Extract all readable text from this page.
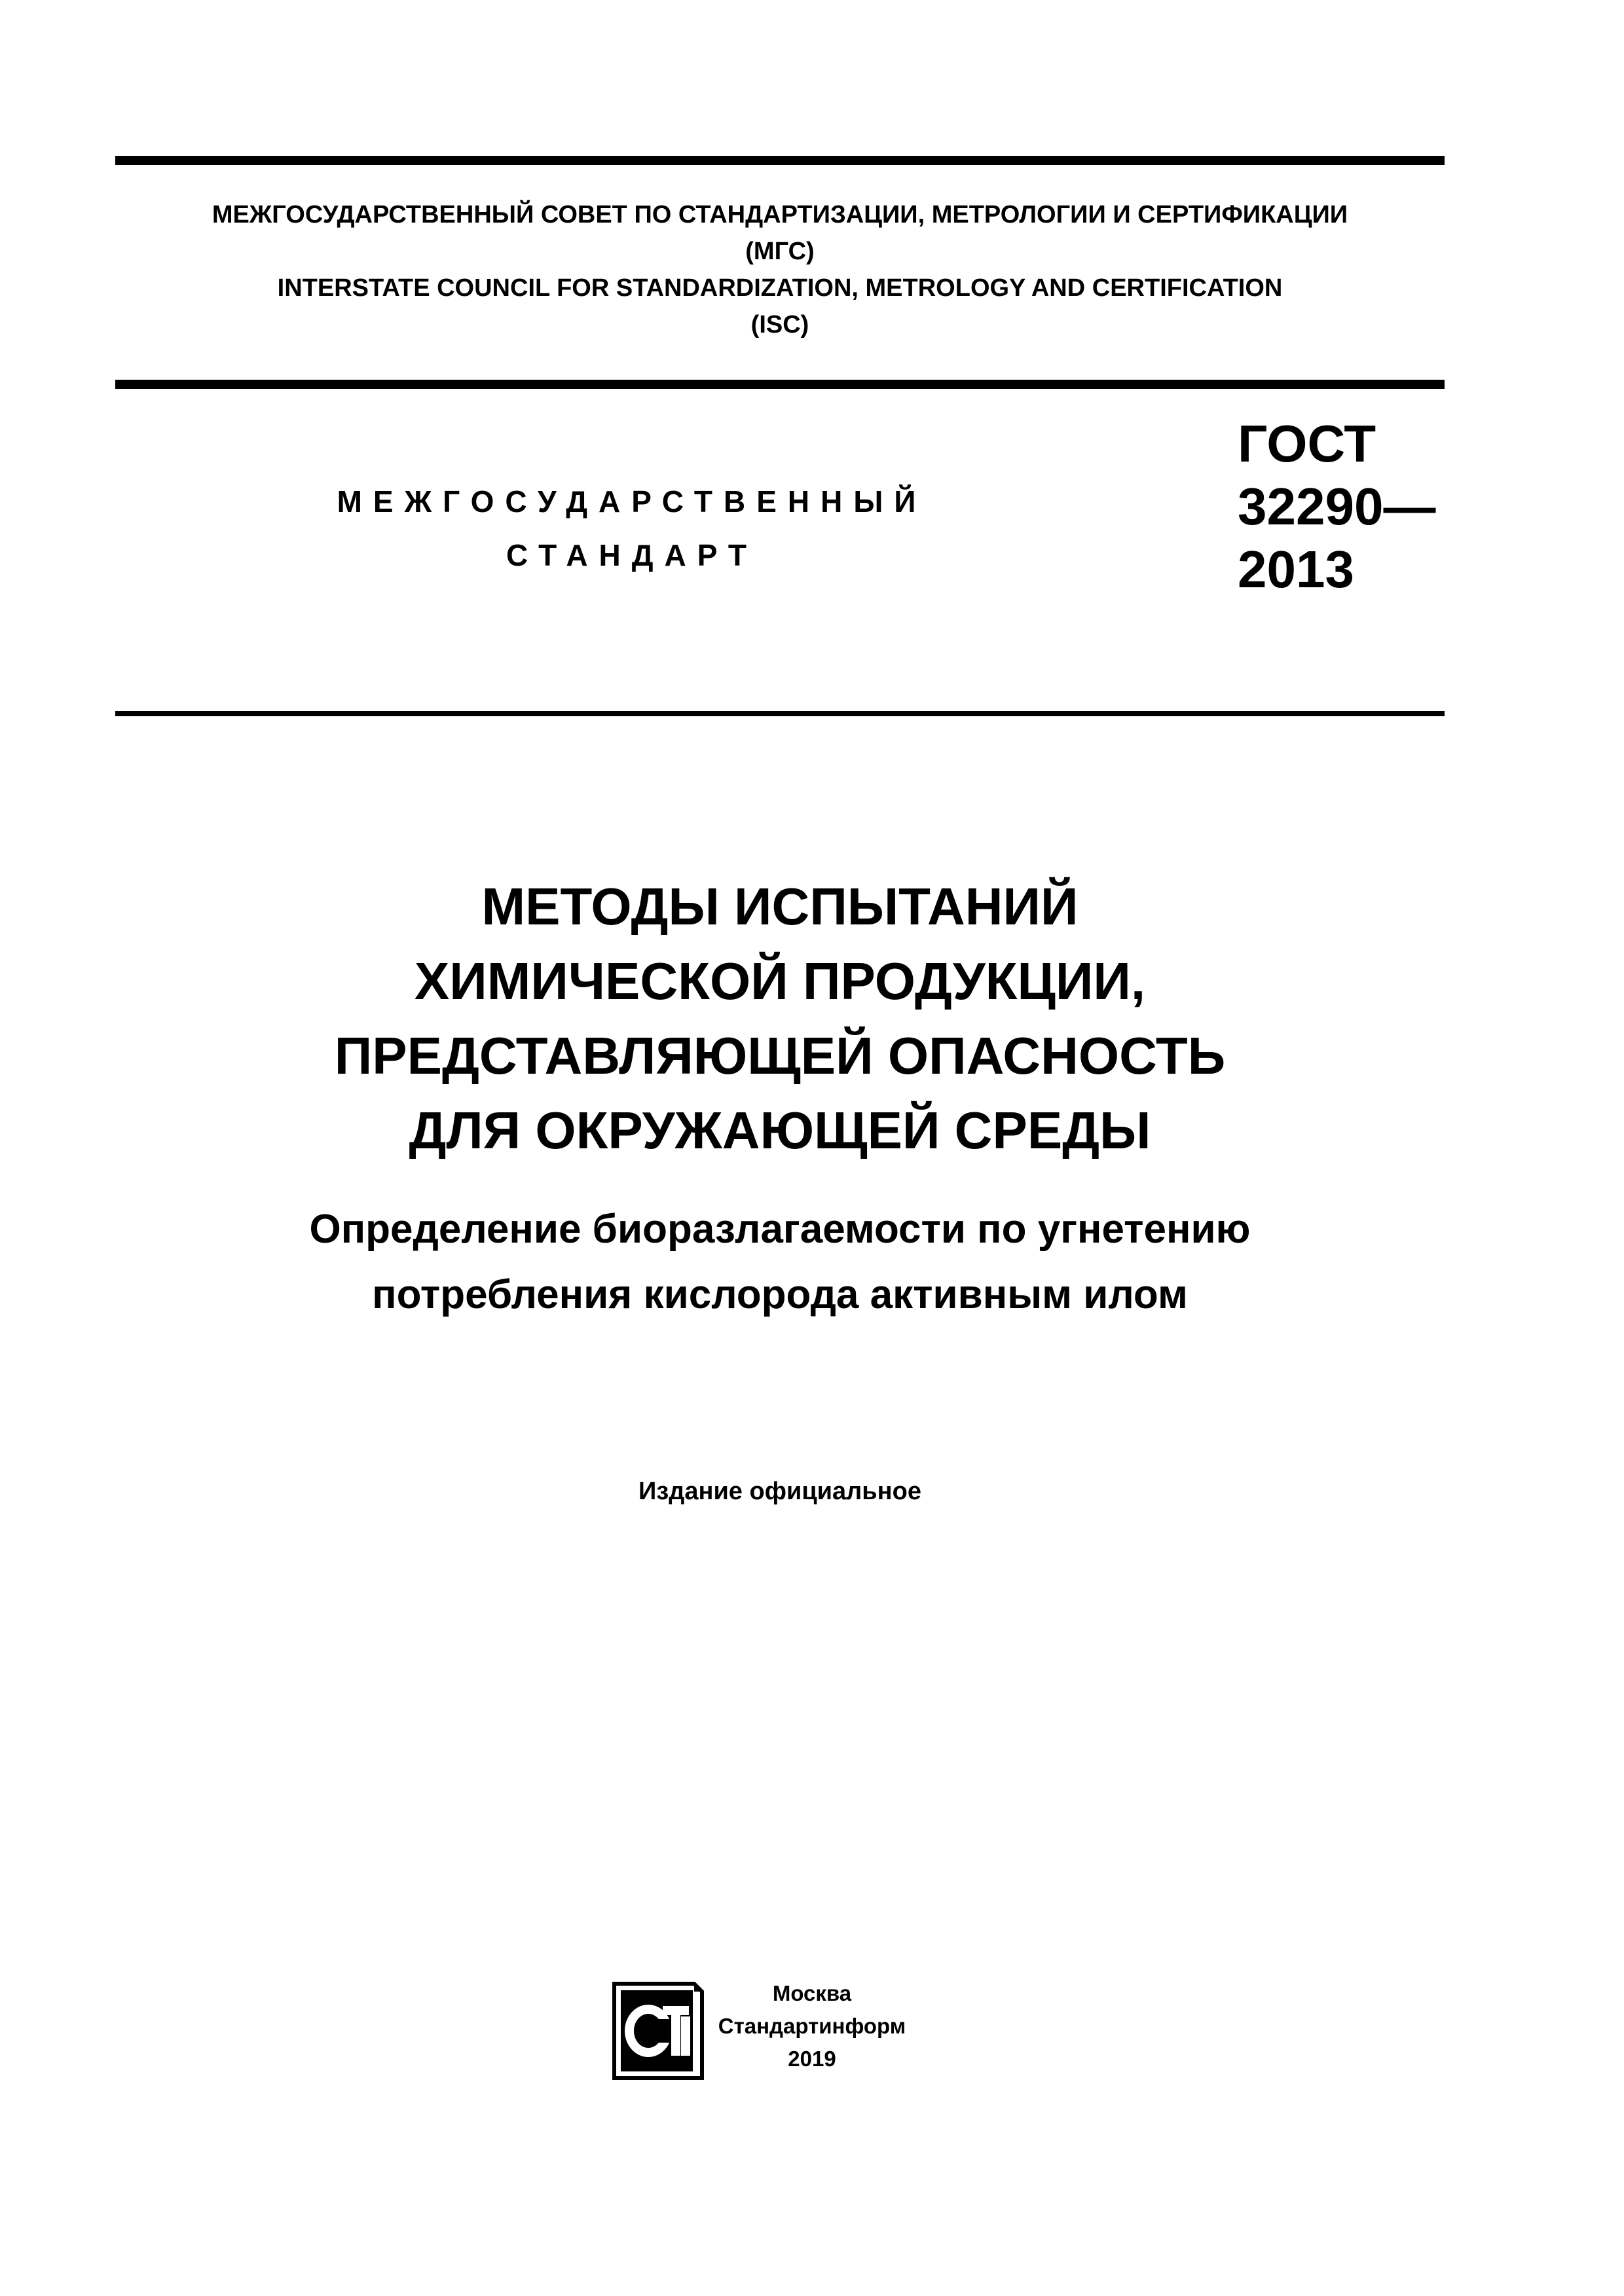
МЕЖГОСУДАРСТВЕННЫЙ СОВЕТ ПО СТАНДАРТИЗАЦИИ, МЕТРОЛОГИИ И СЕРТИФИКАЦИИ
(МГС)
INTERSTATE COUNCIL FOR STANDARDIZATION, METROLOGY AND CERTIFICATION
(ISC)
МЕЖГОСУДАРСТВЕННЫЙ
СТАНДАРТ
ГОСТ
32290—
2013
МЕТОДЫ ИСПЫТАНИЙ
ХИМИЧЕСКОЙ ПРОДУКЦИИ,
ПРЕДСТАВЛЯЮЩЕЙ ОПАСНОСТЬ
ДЛЯ ОКРУЖАЮЩЕЙ СРЕДЫ
Определение биоразлагаемости по угнетению
потребления кислорода активным илом
Издание официальное
Москва
Стандартинформ
2019
